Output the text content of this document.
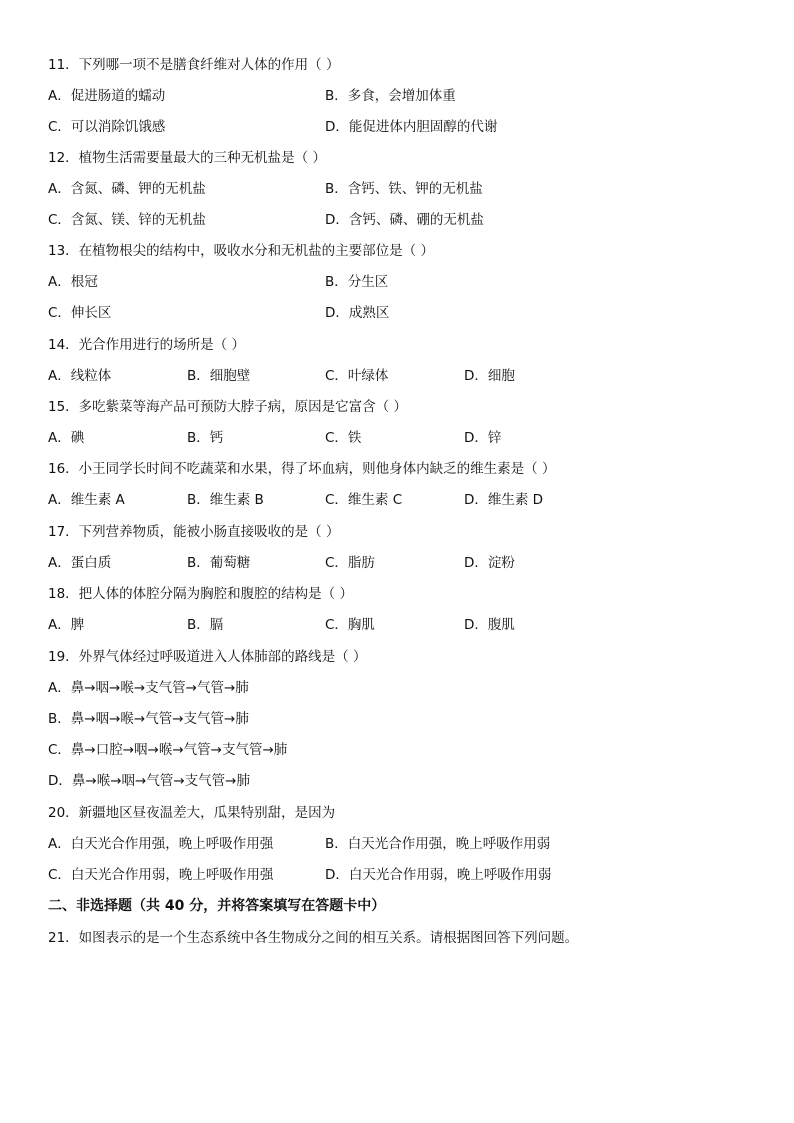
11．下列哪一项不是膳食纤维对人体的作用（ ）
A．促进肠道的蠕动	B．多食，会增加体重
C．可以消除饥饿感	D．能促进体内胆固醇的代谢
12．植物生活需要量最大的三种无机盐是（ ）
A．含氮、磷、钾的无机盐	B．含钙、铁、钾的无机盐
C．含氮、镁、锌的无机盐	D．含钙、磷、硼的无机盐
13．在植物根尖的结构中，吸收水分和无机盐的主要部位是（ ）
A．根冠	B．分生区
C．伸长区	D．成熟区
14．光合作用进行的场所是（ ）
A．线粒体	B．细胞壁	C．叶绿体	D．细胞
15．多吃紫菜等海产品可预防大脖子病，原因是它富含（ ）
A．碘	B．钙	C．铁	D．锌
16．小王同学长时间不吃蔬菜和水果，得了坏血病，则他身体内缺乏的维生素是（ ）
A．维生素 A	B．维生素 B	C．维生素 C	D．维生素 D
17．下列营养物质，能被小肠直接吸收的是（ ）
A．蛋白质	B．葡萄糖	C．脂肪	D．淀粉
18．把人体的体腔分隔为胸腔和腹腔的结构是（ ）
A．脾	B．膈	C．胸肌	D．腹肌
19．外界气体经过呼吸道进入人体肺部的路线是（ ）
A．鼻→咽→喉→支气管→气管→肺
B．鼻→咽→喉→气管→支气管→肺
C．鼻→口腔→咽→喉→气管→支气管→肺
D．鼻→喉→咽→气管→支气管→肺
20．新疆地区昼夜温差大，瓜果特别甜，是因为
A．白天光合作用强，晚上呼吸作用强	B．白天光合作用强，晚上呼吸作用弱
C．白天光合作用弱，晚上呼吸作用强	D．白天光合作用弱，晚上呼吸作用弱
二、非选择题（共 40 分，并将答案填写在答题卡中）
21．如图表示的是一个生态系统中各生物成分之间的相互关系。请根据图回答下列问题。
